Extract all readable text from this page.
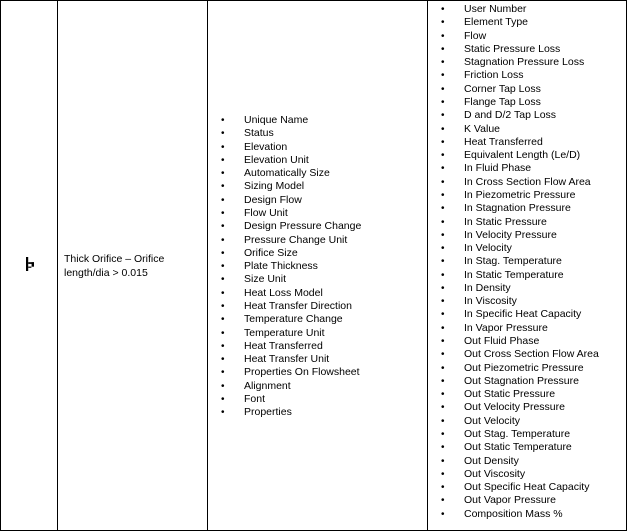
Thick Orifice – Orifice length/dia > 0.015
• Unique Name
• Status
• Elevation
• Elevation Unit
• Automatically Size
• Sizing Model
• Design Flow
• Flow Unit
• Design Pressure Change
• Pressure Change Unit
• Orifice Size
• Plate Thickness
• Size Unit
• Heat Loss Model
• Heat Transfer Direction
• Temperature Change
• Temperature Unit
• Heat Transferred
• Heat Transfer Unit
• Properties On Flowsheet
• Alignment
• Font
• Properties
• User Number
• Element Type
• Flow
• Static Pressure Loss
• Stagnation Pressure Loss
• Friction Loss
• Corner Tap Loss
• Flange Tap Loss
• D and D/2 Tap Loss
• K Value
• Heat Transferred
• Equivalent Length (Le/D)
• In Fluid Phase
• In Cross Section Flow Area
• In Piezometric Pressure
• In Stagnation Pressure
• In Static Pressure
• In Velocity Pressure
• In Velocity
• In Stag. Temperature
• In Static Temperature
• In Density
• In Viscosity
• In Specific Heat Capacity
• In Vapor Pressure
• Out Fluid Phase
• Out Cross Section Flow Area
• Out Piezometric Pressure
• Out Stagnation Pressure
• Out Static Pressure
• Out Velocity Pressure
• Out Velocity
• Out Stag. Temperature
• Out Static Temperature
• Out Density
• Out Viscosity
• Out Specific Heat Capacity
• Out Vapor Pressure
• Composition Mass %
